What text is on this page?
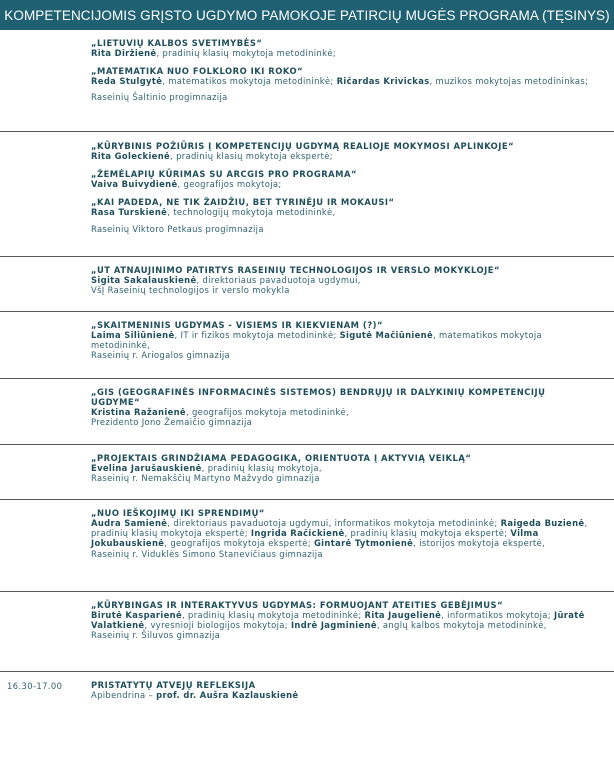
KOMPETENCIJOMIS GRĮSTO UGDYMO PAMOKOJE PATIRCIŲ MUGĖS PROGRAMA (TĘSINYS)
„LIETUVIŲ KALBOS SVETIMYBĖS“
Rita Diržienė, pradinių klasių mokytoja metodininkė;
„MATEMATIKA NUO FOLKLORO IKI ROKO“
Reda Stulgytė, matematikos mokytoja metodininkė; Ričardas Krivickas, muzikos mokytojas metodininkas;
Raseinių Šaltinio progimnazija
„KŪRYBINIS POŽIŪRIS Į KOMPETENCIJŲ UGDYMĄ REALIOJE MOKYMOSI APLINKOJE“
Rita Goleckienė, pradinių klasių mokytoja ekspertė;
„ŽEMĖLAPIŲ KŪRIMAS SU ARCGIS PRO PROGRAMA“
Vaiva Buivydienė, geografijos mokytoja;
„KAI PADEDA, NE TIK ŽAIDŽIU, BET TYRINĖJU IR MOKAUSI“
Rasa Turskienė, technologijų mokytoja metodininkė,
Raseinių Viktoro Petkaus progimnazija
„UT ATNAUJINIMO PATIRTYS RASEINIŲ TECHNOLOGIJOS IR VERSLO MOKYKLOJE“
Sigita Sakalauskienė, direktoriaus pavaduotoja ugdymui,
VšĮ Raseinių technologijos ir verslo mokykla
„SKAITMENINIS UGDYMAS - VISIEMS IR KIEKVIENAM (?)“
Laima Siliūnienė, IT ir fizikos mokytoja metodininkė; Sigutė Mačiūnienė, matematikos mokytoja metodininkė,
Raseinių r. Ariogalos gimnazija
„GIS (GEOGRAFINĖS INFORMACINĖS SISTEMOS) BENDRŲJŲ IR DALYKINIŲ KOMPETENCIJŲ
UGDYME“
Kristina Ražanienė, geografijos mokytoja metodininkė,
Prezidento Jono Žemaičio gimnazija
„PROJEKTAIS GRINDŽIAMA PEDAGOGIKA, ORIENTUOTA Į AKTYVIĄ VEIKLĄ“
Evelina Jarušauskienė, pradinių klasių mokytoja,
Raseinių r. Nemakščių Martyno Mažvydo gimnazija
„NUO IEŠKOJIMŲ IKI SPRENDIMŲ“
Audra Samienė, direktoriaus pavaduotoja ugdymui, informatikos mokytoja metodininkė; Raigeda Buzienė, pradinių klasių mokytoja ekspertė; Ingrida Račickienė, pradinių klasių mokytoja ekspertė; Vilma Jokubauskienė, geografijos mokytoja ekspertė; Gintarė Tytmonienė, istorijos mokytoja ekspertė,
Raseinių r. Viduklės Simono Stanevičiaus gimnazija
„KŪRYBINGAS IR INTERAKTYVUS UGDYMAS: FORMUOJANT ATEITIES GEBĖJIMUS“
Birutė Kasparienė, pradinių klasių mokytoja metodininkė; Rita Jaugelienė, informatikos mokytoja; Jūratė Valatkienė, vyresnioji biologijos mokytoja; Indrė Jagminienė, anglų kalbos mokytoja metodininkė,
Raseinių r. Šiluvos gimnazija
16.30-17.00	PRISTATYTŲ ATVEJŲ REFLEKSIJA
Apibendrina – prof. dr. Aušra Kazlauskienė
